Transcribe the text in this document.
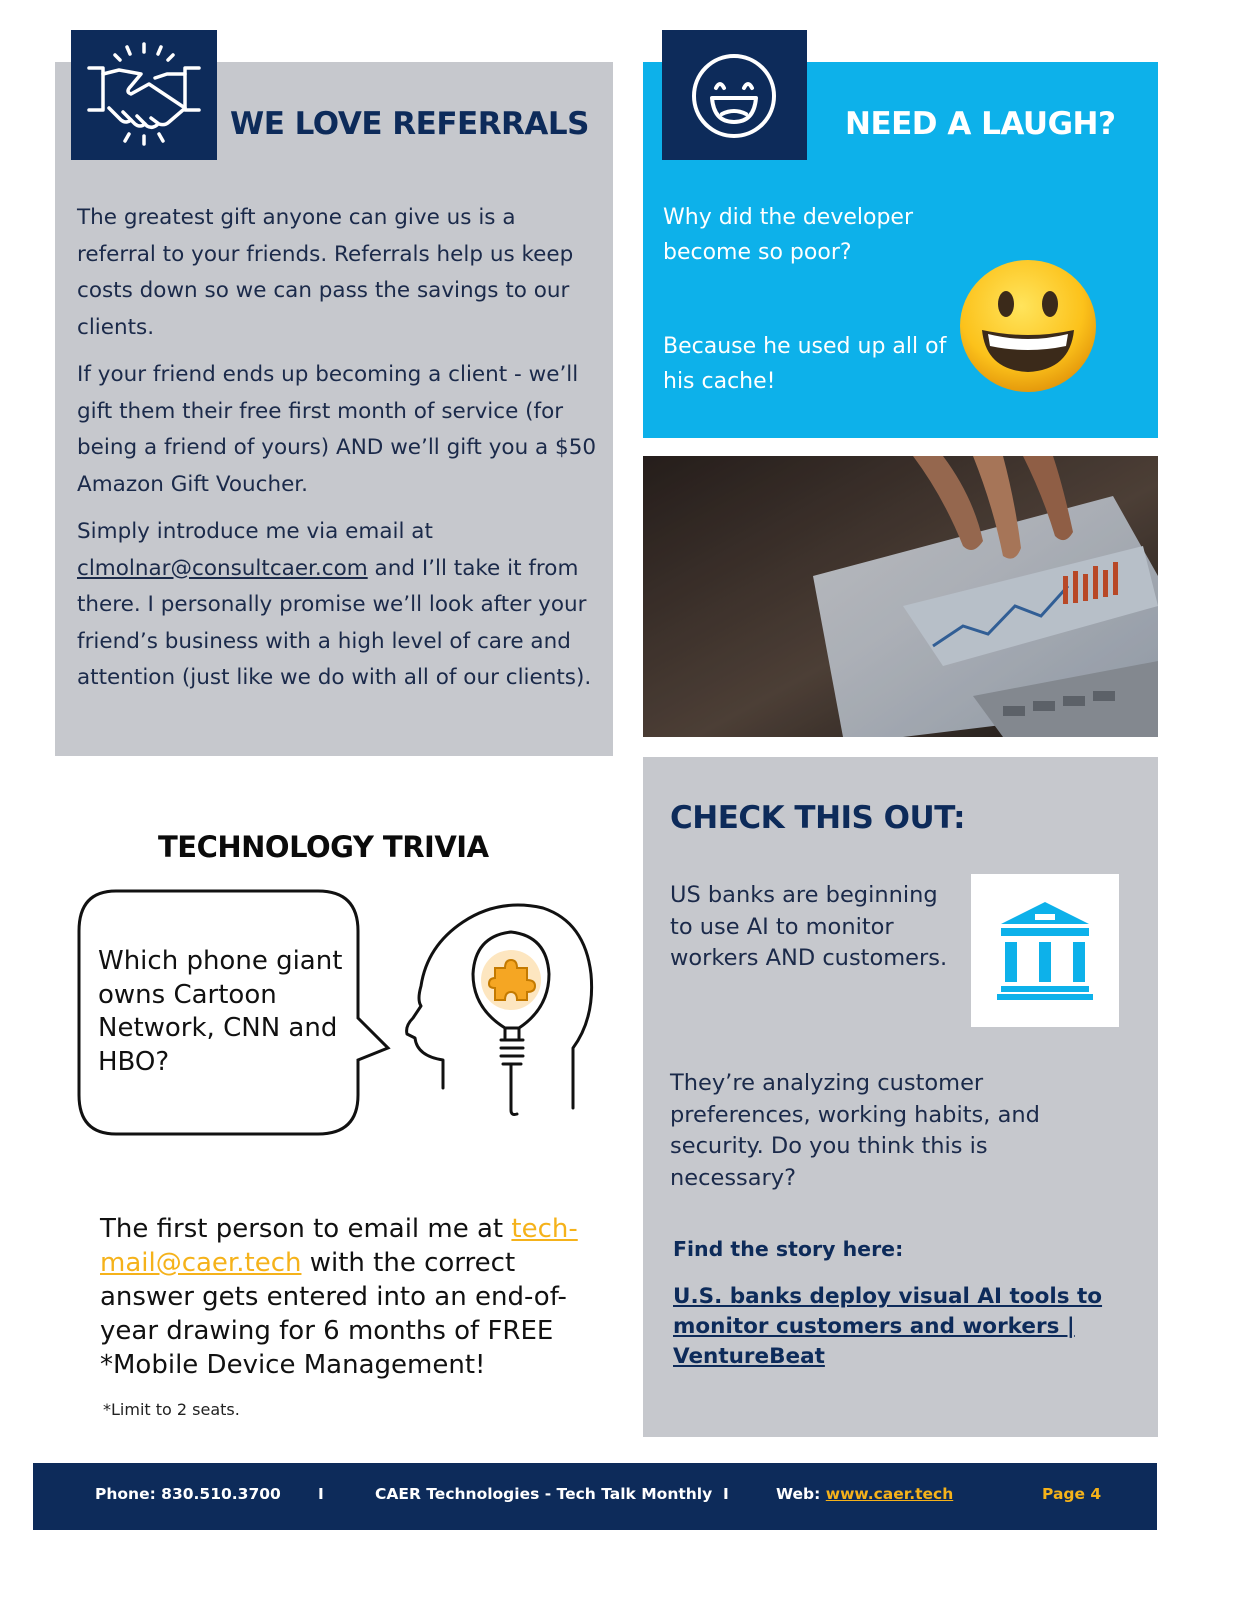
WE LOVE REFERRALS

The greatest gift anyone can give us is a referral to your friends. Referrals help us keep costs down so we can pass the savings to our clients.

If your friend ends up becoming a client - we’ll gift them their free first month of service (for being a friend of yours) AND we’ll gift you a $50 Amazon Gift Voucher.

Simply introduce me via email at clmolnar@consultcaer.com and I’ll take it from there. I personally promise we’ll look after your friend’s business with a high level of care and attention (just like we do with all of our clients).

NEED A LAUGH?
Why did the developer become so poor?
Because he used up all of his cache!
TECHNOLOGY TRIVIA
Which phone giant owns Cartoon Network, CNN and HBO?
The first person to email me at tech-mail@caer.tech with the correct answer gets entered into an end-of-year drawing for 6 months of FREE *Mobile Device Management!
*Limit to 2 seats.
CHECK THIS OUT:
US banks are beginning to use AI to monitor workers AND customers.
They’re analyzing customer preferences, working habits, and security. Do you think this is necessary?
Find the story here:
U.S. banks deploy visual AI tools to monitor customers and workers | VentureBeat
Phone: 830.510.3700 I	CAER Technologies - Tech Talk Monthly I	Web: www.caer.tech	Page 4
